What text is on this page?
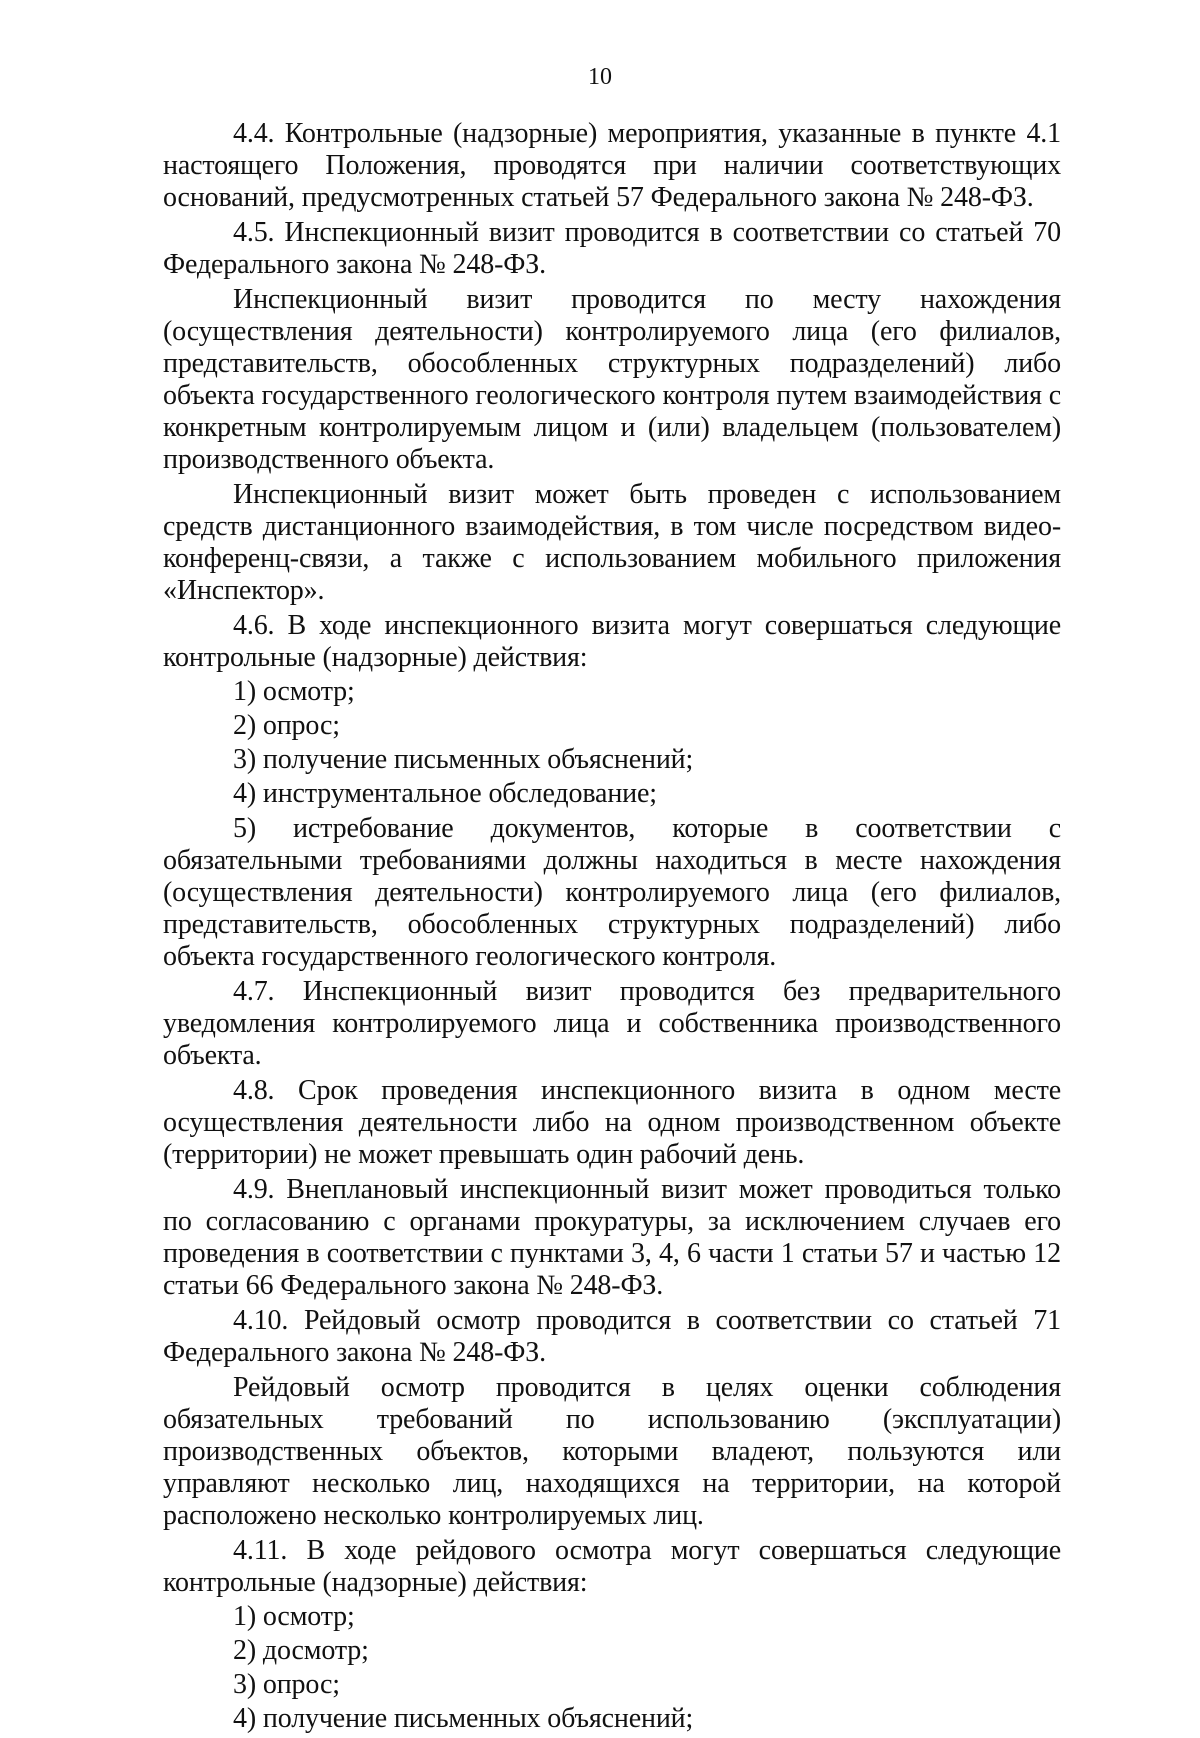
10

4.4. Контрольные (надзорные) мероприятия, указанные в пункте 4.1 настоящего Положения, проводятся при наличии соответствующих оснований, предусмотренных статьей 57 Федерального закона № 248-ФЗ.

4.5. Инспекционный визит проводится в соответствии со статьей 70 Федерального закона № 248-ФЗ.

Инспекционный визит проводится по месту нахождения (осуществления деятельности) контролируемого лица (его филиалов, представительств, обособленных структурных подразделений) либо объекта государственного геологического контроля путем взаимодействия с конкретным контролируемым лицом и (или) владельцем (пользователем) производственного объекта.

Инспекционный визит может быть проведен с использованием средств дистанционного взаимодействия, в том числе посредством видео-конференц-связи, а также с использованием мобильного приложения «Инспектор».

4.6. В ходе инспекционного визита могут совершаться следующие контрольные (надзорные) действия:

1) осмотр;

2) опрос;

3) получение письменных объяснений;

4) инструментальное обследование;

5) истребование документов, которые в соответствии с обязательными требованиями должны находиться в месте нахождения (осуществления деятельности) контролируемого лица (его филиалов, представительств, обособленных структурных подразделений) либо объекта государственного геологического контроля.

4.7. Инспекционный визит проводится без предварительного уведомления контролируемого лица и собственника производственного объекта.

4.8. Срок проведения инспекционного визита в одном месте осуществления деятельности либо на одном производственном объекте (территории) не может превышать один рабочий день.

4.9. Внеплановый инспекционный визит может проводиться только по согласованию с органами прокуратуры, за исключением случаев его проведения в соответствии с пунктами 3, 4, 6 части 1 статьи 57 и частью 12 статьи 66 Федерального закона № 248-ФЗ.

4.10. Рейдовый осмотр проводится в соответствии со статьей 71 Федерального закона № 248-ФЗ.

Рейдовый осмотр проводится в целях оценки соблюдения обязательных требований по использованию (эксплуатации) производственных объектов, которыми владеют, пользуются или управляют несколько лиц, находящихся на территории, на которой расположено несколько контролируемых лиц.

4.11. В ходе рейдового осмотра могут совершаться следующие контрольные (надзорные) действия:

1) осмотр;

2) досмотр;

3) опрос;

4) получение письменных объяснений;
